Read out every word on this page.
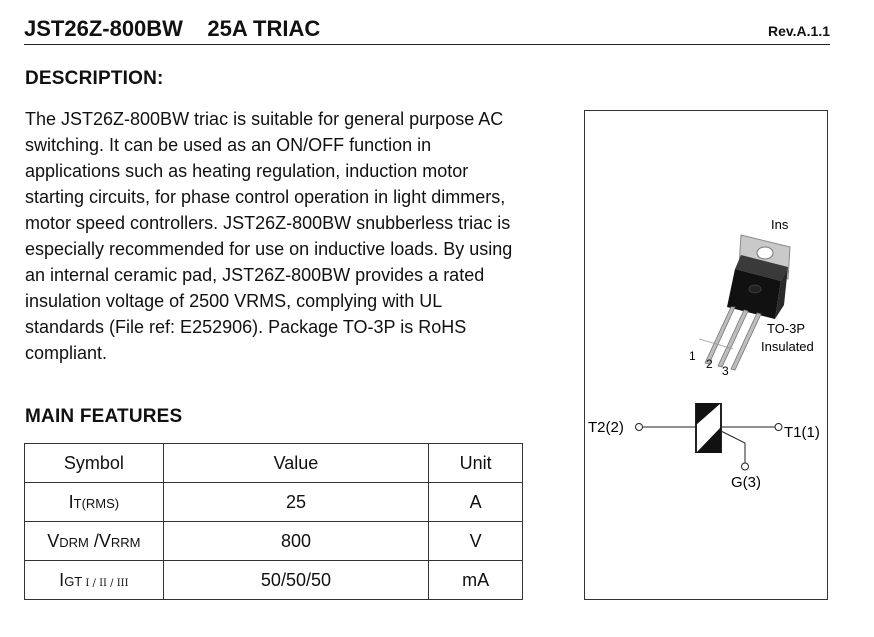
JST26Z-800BW 25A TRIAC	Rev.A.1.1
DESCRIPTION:
The JST26Z-800BW triac is suitable for general purpose AC
switching. It can be used as an ON/OFF function in
applications such as heating regulation, induction motor
starting circuits, for phase control operation in light dimmers,
motor speed controllers. JST26Z-800BW snubberless triac is
especially recommended for use on inductive loads. By using
an internal ceramic pad, JST26Z-800BW provides a rated
insulation voltage of 2500 VRMS, complying with UL
standards (File ref: E252906). Package TO-3P is RoHS
compliant.
MAIN FEATURES
Symbol	Value	Unit
IT(RMS)	25	A
VDRM /VRRM	800	V
IGT I / II / III	50/50/50	mA
Ins
TO-3P
Insulated
1
2 3
T2(2)	T1(1)
G(3)
